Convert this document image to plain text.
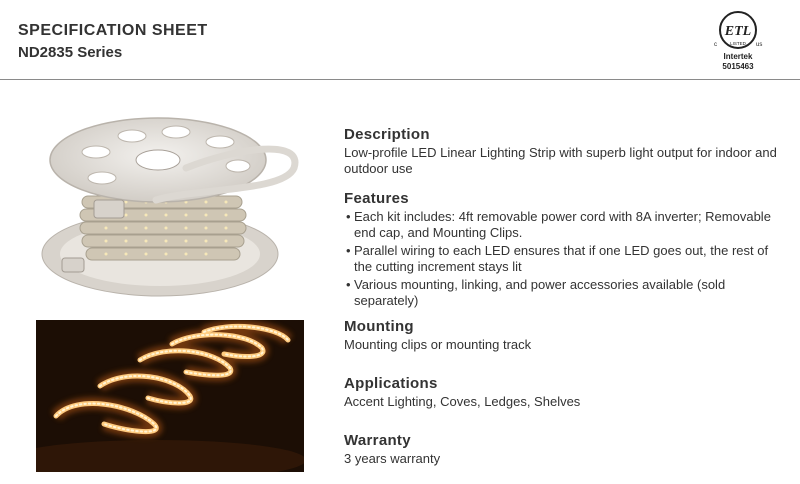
SPECIFICATION SHEET
ND2835 Series
ETL
c	us
LISTED
Intertek
5015463
Description

Low-profile LED Linear Lighting Strip with superb light output for indoor and outdoor use

Features
• Each kit includes: 4ft removable power cord with 8A inverter; Removable end cap, and Mounting Clips.
• Parallel wiring to each LED ensures that if one LED goes out, the rest of the cutting increment stays lit
• Various mounting, linking, and power accessories available (sold separately)
Mounting

Mounting clips or mounting track

Applications

Accent Lighting, Coves, Ledges, Shelves

Warranty

3 years warranty
